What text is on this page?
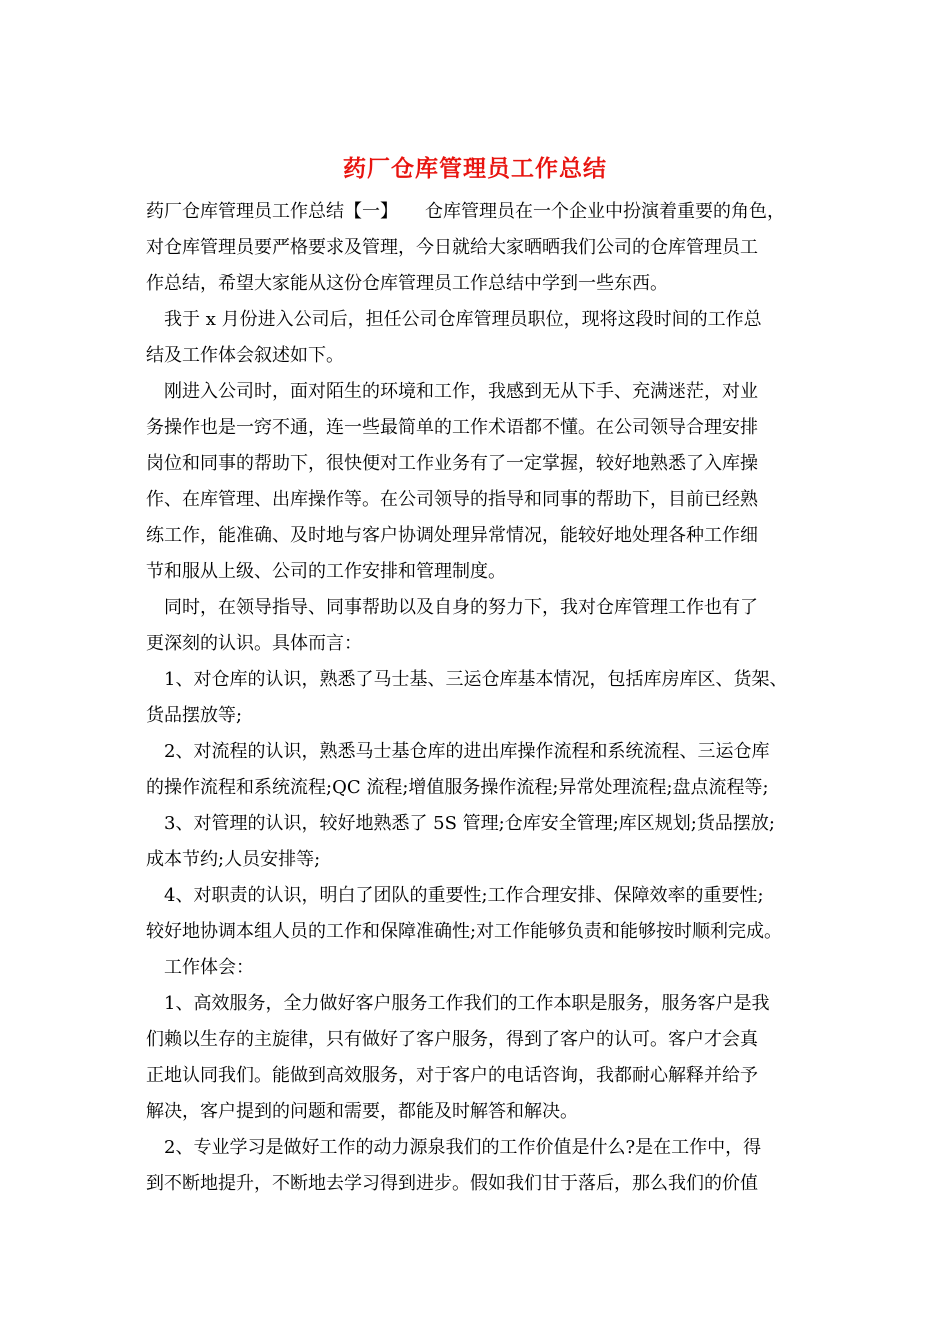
药厂仓库管理员工作总结
药厂仓库管理员工作总结【一】　　仓库管理员在一个企业中扮演着重要的角色，
对仓库管理员要严格要求及管理，今日就给大家晒晒我们公司的仓库管理员工
作总结，希望大家能从这份仓库管理员工作总结中学到一些东西。
　我于 x 月份进入公司后，担任公司仓库管理员职位，现将这段时间的工作总
结及工作体会叙述如下。
　刚进入公司时，面对陌生的环境和工作，我感到无从下手、充满迷茫，对业
务操作也是一窍不通，连一些最简单的工作术语都不懂。在公司领导合理安排
岗位和同事的帮助下，很快便对工作业务有了一定掌握，较好地熟悉了入库操
作、在库管理、出库操作等。在公司领导的指导和同事的帮助下，目前已经熟
练工作，能准确、及时地与客户协调处理异常情况，能较好地处理各种工作细
节和服从上级、公司的工作安排和管理制度。
　同时，在领导指导、同事帮助以及自身的努力下，我对仓库管理工作也有了
更深刻的认识。具体而言：
　1、对仓库的认识，熟悉了马士基、三运仓库基本情况，包括库房库区、货架、
货品摆放等;
　2、对流程的认识，熟悉马士基仓库的进出库操作流程和系统流程、三运仓库
的操作流程和系统流程;QC 流程;增值服务操作流程;异常处理流程;盘点流程等;
　3、对管理的认识，较好地熟悉了 5S 管理;仓库安全管理;库区规划;货品摆放;
成本节约;人员安排等;
　4、对职责的认识，明白了团队的重要性;工作合理安排、保障效率的重要性;
较好地协调本组人员的工作和保障准确性;对工作能够负责和能够按时顺利完成。
　工作体会：
　1、高效服务，全力做好客户服务工作我们的工作本职是服务，服务客户是我
们赖以生存的主旋律，只有做好了客户服务，得到了客户的认可。客户才会真
正地认同我们。能做到高效服务，对于客户的电话咨询，我都耐心解释并给予
解决，客户提到的问题和需要，都能及时解答和解决。
　2、专业学习是做好工作的动力源泉我们的工作价值是什么?是在工作中，得
到不断地提升，不断地去学习得到进步。假如我们甘于落后，那么我们的价值
